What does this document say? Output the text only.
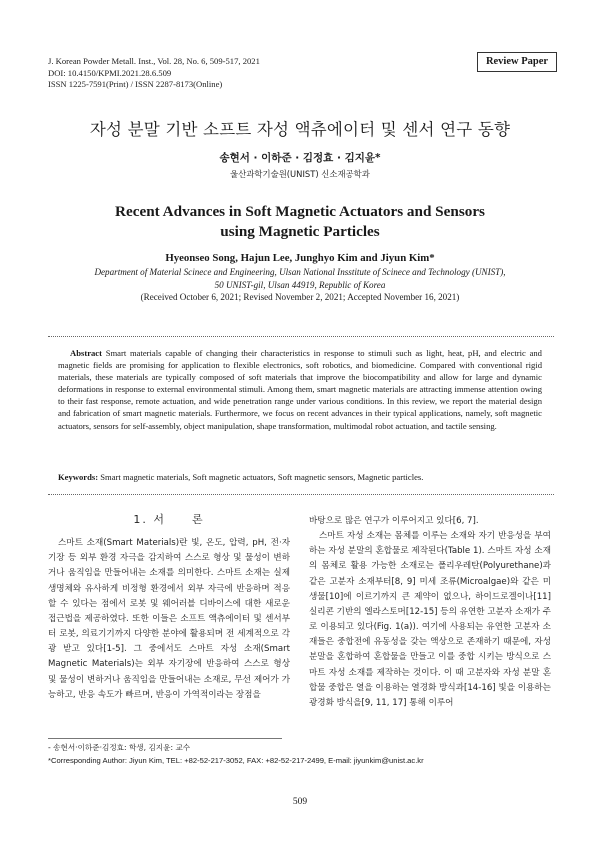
J. Korean Powder Metall. Inst., Vol. 28, No. 6, 509-517, 2021
DOI: 10.4150/KPMI.2021.28.6.509
ISSN 1225-7591(Print) / ISSN 2287-8173(Online)
Review Paper
자성 분말 기반 소프트 자성 액츄에이터 및 센서 연구 동향
송현서 · 이하준 · 김정효 · 김지윤*
울산과학기술원(UNIST) 신소재공학과
Recent Advances in Soft Magnetic Actuators and Sensors
using Magnetic Particles
Hyeonseo Song, Hajun Lee, Junghyo Kim and Jiyun Kim*
Department of Material Scinece and Engineering, Ulsan National Insstitute of Scinece and Technology (UNIST),
50 UNIST-gil, Ulsan 44919, Republic of Korea
(Received October 6, 2021; Revised November 2, 2021; Accepted November 16, 2021)
Abstract Smart materials capable of changing their characteristics in response to stimuli such as light, heat, pH, and electric and magnetic fields are promising for application to flexible electronics, soft robotics, and biomedicine. Compared with conventional rigid materials, these materials are typically composed of soft materials that improve the biocompatibility and allow for large and dynamic deformations in response to external environmental stimuli. Among them, smart magnetic materials are attracting immense attention owing to their fast response, remote actuation, and wide penetration range under various conditions. In this review, we report the material design and fabrication of smart magnetic materials. Furthermore, we focus on recent advances in their typical applications, namely, soft magnetic actuators, sensors for self-assembly, object manipulation, shape transformation, multimodal robot actuation, and tactile sensing.
Keywords: Smart magnetic materials, Soft magnetic actuators, Soft magnetic sensors, Magnetic particles.
1. 서　　론

스마트 소재(Smart Materials)란 빛, 온도, 압력, pH, 전·자기장 등 외부 환경 자극을 감지하여 스스로 형상 및 물성이 변하거나 움직임을 만들어내는 소재를 의미한다. 스마트 소재는 실제 생명체와 유사하게 비정형 환경에서 외부 자극에 반응하며 적응 할 수 있다는 점에서 로봇 및 웨어러블 디바이스에 대한 새로운 접근법을 제공하였다. 또한 이들은 소프트 액츄에이터 및 센서부터 로봇, 의료기기까지 다양한 분야에 활용되며 전 세계적으로 각광 받고 있다[1-5]. 그 중에서도 스마트 자성 소재(Smart Magnetic Materials)는 외부 자기장에 반응하여 스스로 형상 및 물성이 변하거나 움직임을 만들어내는 소재로, 무선 제어가 가능하고, 반응 속도가 빠르며, 반응이 가역적이라는 장점을

바탕으로 많은 연구가 이루어지고 있다[6, 7].

스마트 자성 소재는 몸체를 이루는 소재와 자기 반응성을 부여하는 자성 분말의 혼합물로 제작된다(Table 1). 스마트 자성 소재의 몸체로 활용 가능한 소재로는 폴리우레탄(Polyurethane)과 같은 고분자 소재부터[8, 9] 미세 조류(Microalgae)와 같은 미생물[10]에 이르기까지 큰 제약이 없으나, 하이드로겔이나[11] 실리콘 기반의 엘라스토머[12-15] 등의 유연한 고분자 소재가 주로 이용되고 있다(Fig. 1(a)). 여기에 사용되는 유연한 고분자 소재들은 중합전에 유동성을 갖는 액상으로 존재하기 때문에, 자성 분말을 혼합하여 혼합물을 만들고 이를 중합 시키는 방식으로 스마트 자성 소재를 제작하는 것이다. 이 때 고분자와 자성 분말 혼합물 중합은 열을 이용하는 열경화 방식과[14-16] 빛을 이용하는 광경화 방식을[9, 11, 17] 통해 이루어

- 송현서·이하준·김정효: 학생, 김지윤: 교수
*Corresponding Author: Jiyun Kim, TEL: +82-52-217-3052, FAX: +82-52-217-2499, E-mail: jiyunkim@unist.ac.kr
509
